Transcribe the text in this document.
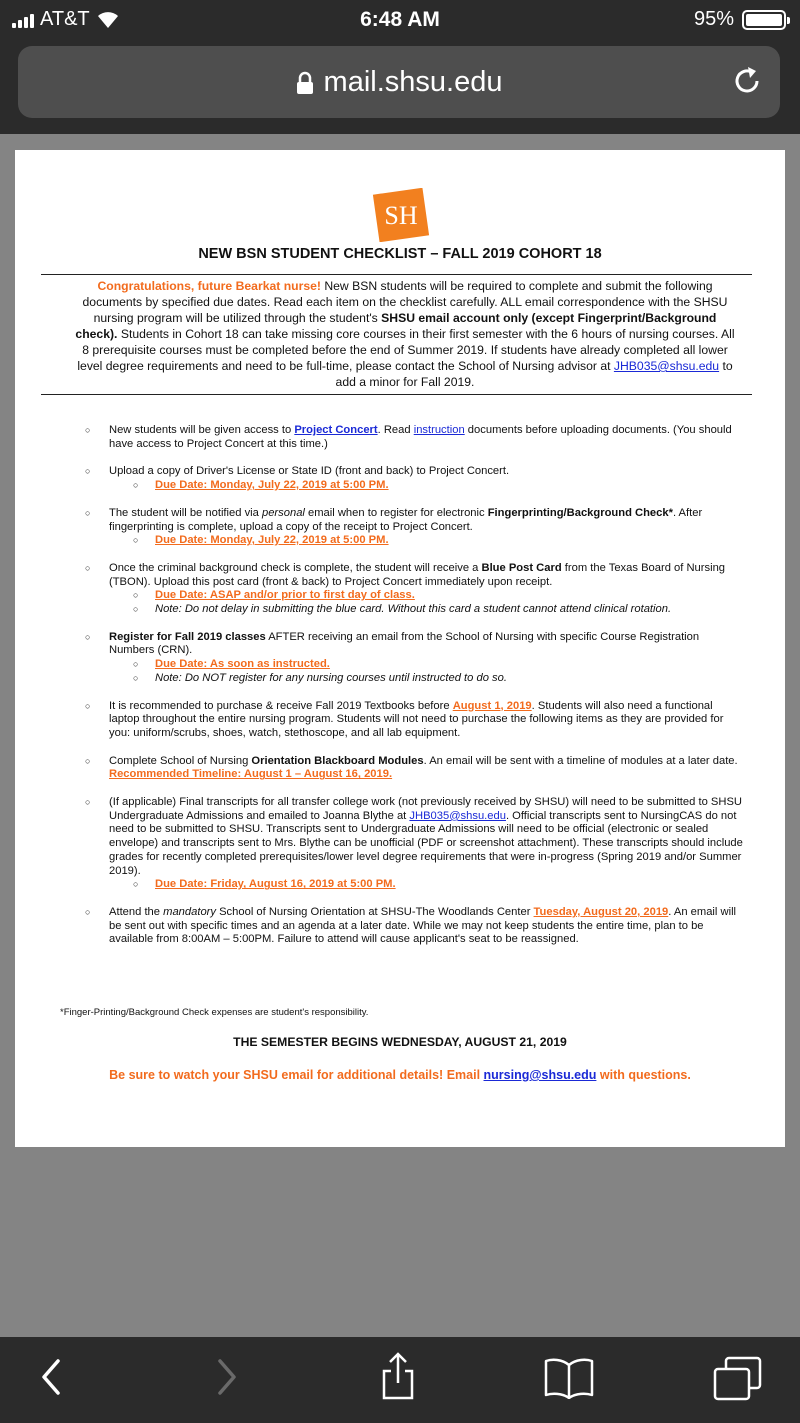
AT&T	6:48 AM	95%
mail.shsu.edu
SH
NEW BSN STUDENT CHECKLIST – FALL 2019 COHORT 18
Congratulations, future Bearkat nurse! New BSN students will be required to complete and submit the following documents by specified due dates. Read each item on the checklist carefully. ALL email correspondence with the SHSU nursing program will be utilized through the student's SHSU email account only (except Fingerprint/Background check). Students in Cohort 18 can take missing core courses in their first semester with the 6 hours of nursing courses. All 8 prerequisite courses must be completed before the end of Summer 2019. If students have already completed all lower level degree requirements and need to be full-time, please contact the School of Nursing advisor at JHB035@shsu.edu to add a minor for Fall 2019.
○ New students will be given access to Project Concert. Read instruction documents before uploading documents. (You should have access to Project Concert at this time.)
○ Upload a copy of Driver's License or State ID (front and back) to Project Concert.
○ Due Date: Monday, July 22, 2019 at 5:00 PM.
○ The student will be notified via personal email when to register for electronic Fingerprinting/Background Check*. After fingerprinting is complete, upload a copy of the receipt to Project Concert.
○ Due Date: Monday, July 22, 2019 at 5:00 PM.
○ Once the criminal background check is complete, the student will receive a Blue Post Card from the Texas Board of Nursing (TBON). Upload this post card (front & back) to Project Concert immediately upon receipt.
○ Due Date: ASAP and/or prior to first day of class.
○ Note: Do not delay in submitting the blue card. Without this card a student cannot attend clinical rotation.
○ Register for Fall 2019 classes AFTER receiving an email from the School of Nursing with specific Course Registration Numbers (CRN).
○ Due Date: As soon as instructed.
○ Note: Do NOT register for any nursing courses until instructed to do so.
○ It is recommended to purchase & receive Fall 2019 Textbooks before August 1, 2019. Students will also need a functional laptop throughout the entire nursing program. Students will not need to purchase the following items as they are provided for you: uniform/scrubs, shoes, watch, stethoscope, and all lab equipment.
○ Complete School of Nursing Orientation Blackboard Modules. An email will be sent with a timeline of modules at a later date. Recommended Timeline: August 1 – August 16, 2019.
○ (If applicable) Final transcripts for all transfer college work (not previously received by SHSU) will need to be submitted to SHSU Undergraduate Admissions and emailed to Joanna Blythe at JHB035@shsu.edu. Official transcripts sent to NursingCAS do not need to be submitted to SHSU. Transcripts sent to Undergraduate Admissions will need to be official (electronic or sealed envelope) and transcripts sent to Mrs. Blythe can be unofficial (PDF or screenshot attachment). These transcripts should include grades for recently completed prerequisites/lower level degree requirements that were in-progress (Spring 2019 and/or Summer 2019).
○ Due Date: Friday, August 16, 2019 at 5:00 PM.
○ Attend the mandatory School of Nursing Orientation at SHSU-The Woodlands Center Tuesday, August 20, 2019. An email will be sent out with specific times and an agenda at a later date. While we may not keep students the entire time, plan to be available from 8:00AM – 5:00PM. Failure to attend will cause applicant's seat to be reassigned.
*Finger-Printing/Background Check expenses are student's responsibility.
THE SEMESTER BEGINS WEDNESDAY, AUGUST 21, 2019
Be sure to watch your SHSU email for additional details! Email nursing@shsu.edu with questions.
